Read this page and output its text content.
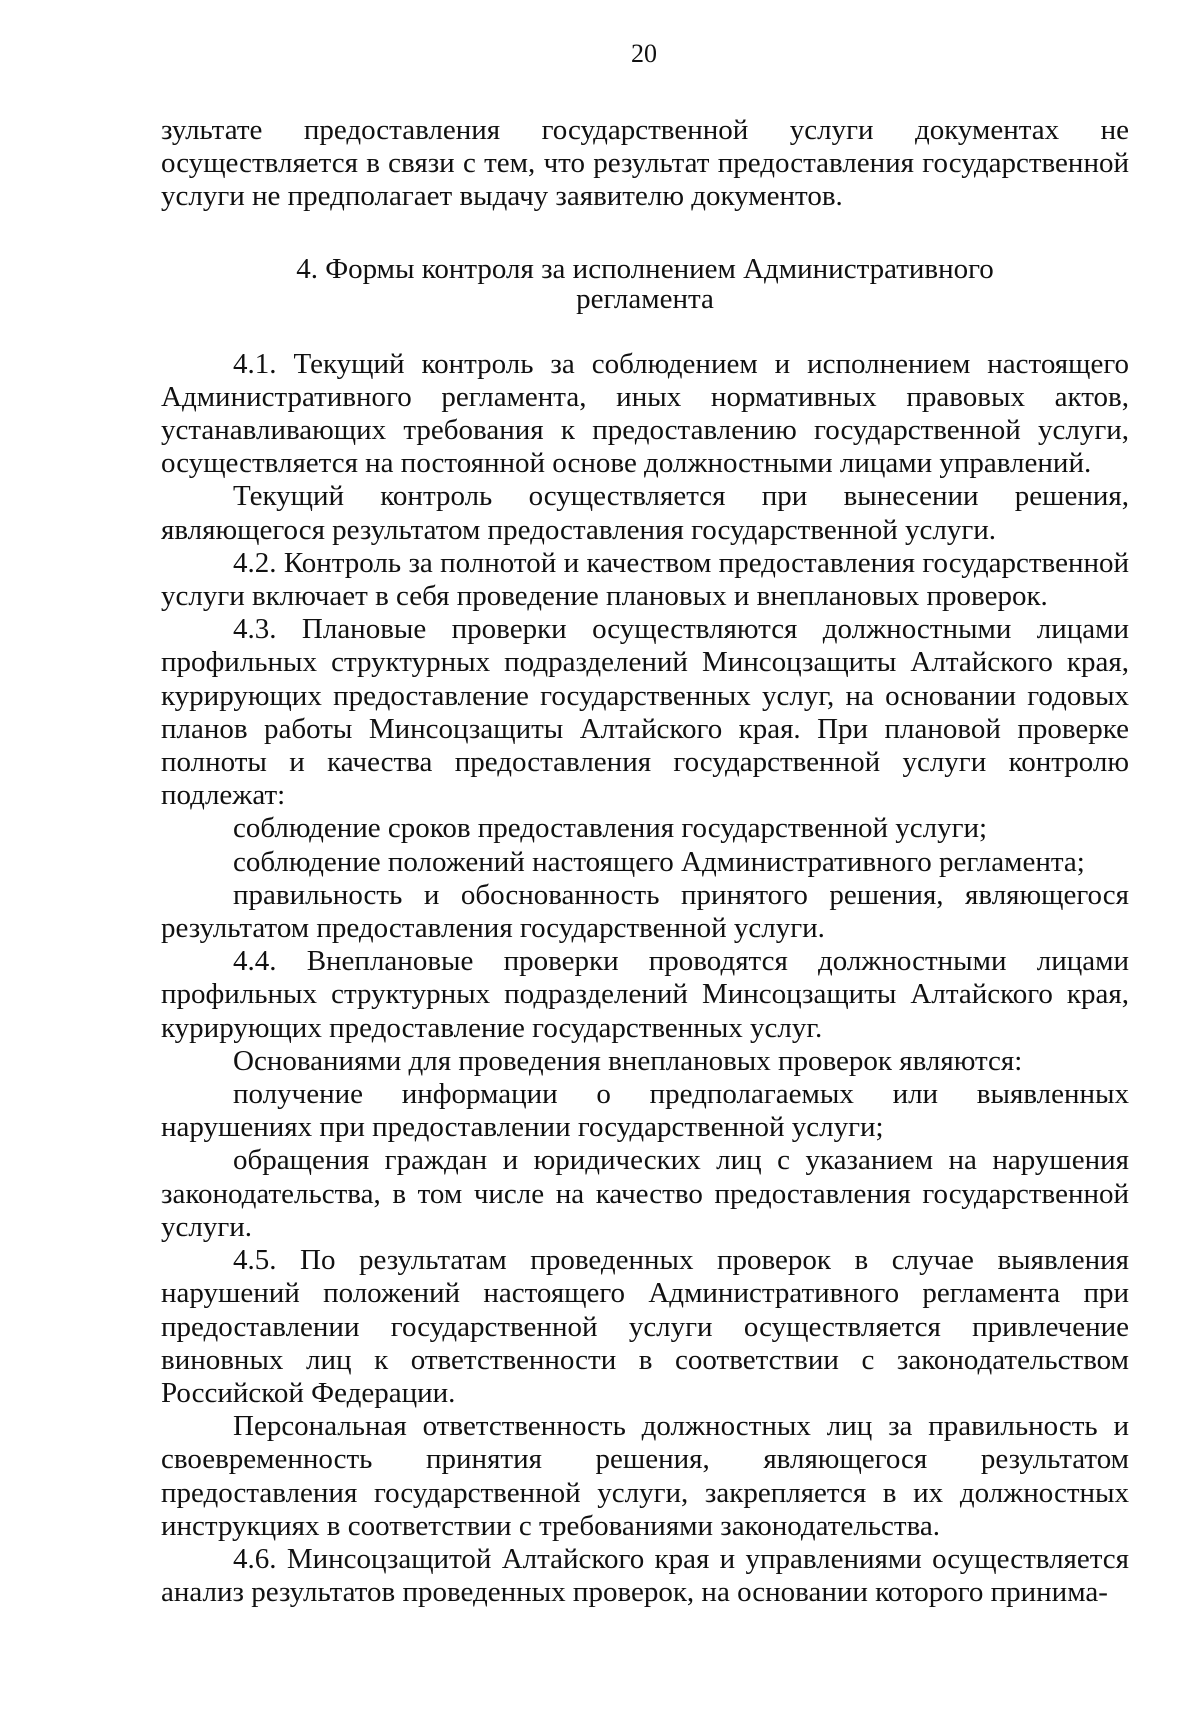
20

зультате предоставления государственной услуги документах не осуществляется в связи с тем, что результат предоставления государственной услуги не предполагает выдачу заявителю документов.

4. Формы контроля за исполнением Административного
регламента

4.1. Текущий контроль за соблюдением и исполнением настоящего Административного регламента, иных нормативных правовых актов, устанавливающих требования к предоставлению государственной услуги, осуществляется на постоянной основе должностными лицами управлений.

Текущий контроль осуществляется при вынесении решения, являющегося результатом предоставления государственной услуги.

4.2. Контроль за полнотой и качеством предоставления государственной услуги включает в себя проведение плановых и внеплановых проверок.

4.3. Плановые проверки осуществляются должностными лицами профильных структурных подразделений Минсоцзащиты Алтайского края, курирующих предоставление государственных услуг, на основании годовых планов работы Минсоцзащиты Алтайского края. При плановой проверке полноты и качества предоставления государственной услуги контролю подлежат:

соблюдение сроков предоставления государственной услуги;

соблюдение положений настоящего Административного регламента;

правильность и обоснованность принятого решения, являющегося результатом предоставления государственной услуги.

4.4. Внеплановые проверки проводятся должностными лицами профильных структурных подразделений Минсоцзащиты Алтайского края, курирующих предоставление государственных услуг.

Основаниями для проведения внеплановых проверок являются:

получение информации о предполагаемых или выявленных нарушениях при предоставлении государственной услуги;

обращения граждан и юридических лиц с указанием на нарушения законодательства, в том числе на качество предоставления государственной услуги.

4.5. По результатам проведенных проверок в случае выявления нарушений положений настоящего Административного регламента при предоставлении государственной услуги осуществляется привлечение виновных лиц к ответственности в соответствии с законодательством Российской Федерации.

Персональная ответственность должностных лиц за правильность и своевременность принятия решения, являющегося результатом предоставления государственной услуги, закрепляется в их должностных инструкциях в соответствии с требованиями законодательства.

4.6. Минсоцзащитой Алтайского края и управлениями осуществляется анализ результатов проведенных проверок, на основании которого принима-
